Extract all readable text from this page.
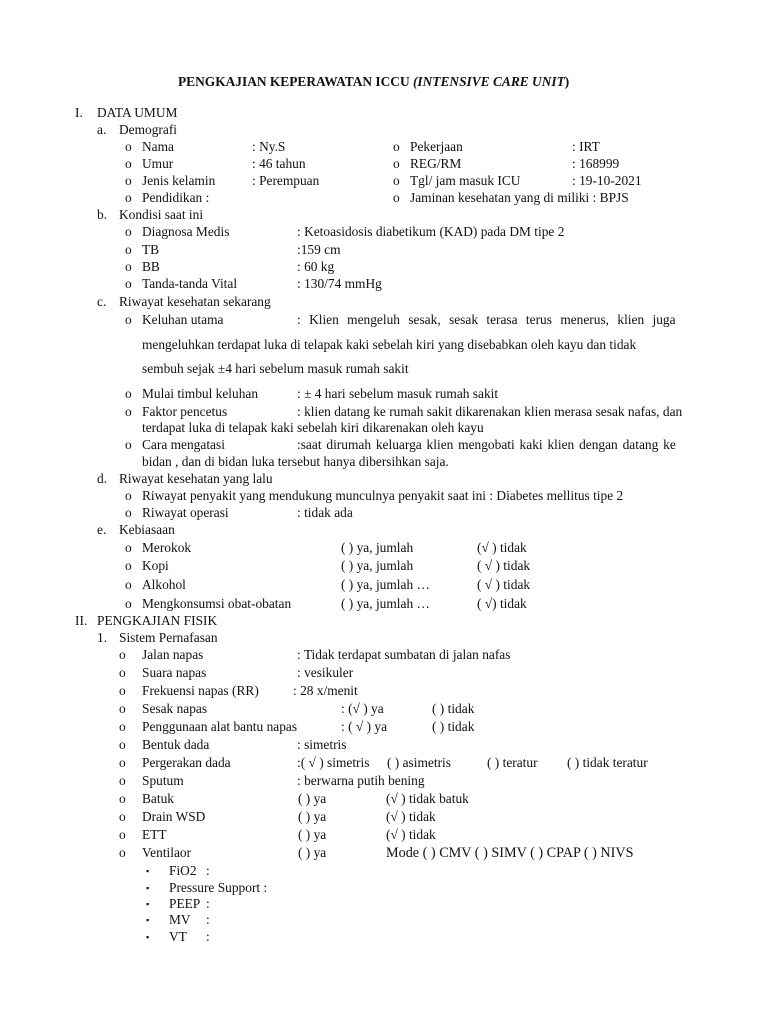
PENGKAJIAN KEPERAWATAN ICCU (INTENSIVE CARE UNIT)
I. DATA UMUM
a. Demografi
o Nama	: Ny.S	o Pekerjaan	: IRT
o Umur	: 46 tahun	o REG/RM	: 168999
o Jenis kelamin	: Perempuan	o Tgl/ jam masuk ICU	: 19-10-2021
o Pendidikan :	o Jaminan kesehatan yang di miliki : BPJS
b. Kondisi saat ini
o Diagnosa Medis	: Ketoasidosis diabetikum (KAD) pada DM tipe 2
o TB	:159 cm
o BB	: 60 kg
o Tanda-tanda Vital	: 130/74 mmHg
c. Riwayat kesehatan sekarang
o Keluhan utama	: Klien mengeluh sesak, sesak terasa terus menerus, klien juga
mengeluhkan terdapat luka di telapak kaki sebelah kiri yang disebabkan oleh kayu dan tidak
sembuh sejak ±4 hari sebelum masuk rumah sakit
o Mulai timbul keluhan	: ± 4 hari sebelum masuk rumah sakit
o Faktor pencetus	: klien datang ke rumah sakit dikarenakan klien merasa sesak nafas, dan
terdapat luka di telapak kaki sebelah kiri dikarenakan oleh kayu
o Cara mengatasi	:saat dirumah keluarga klien mengobati kaki klien dengan datang ke
bidan , dan di bidan luka tersebut hanya dibersihkan saja.
d. Riwayat kesehatan yang lalu
o Riwayat penyakit yang mendukung munculnya penyakit saat ini : Diabetes mellitus tipe 2
o Riwayat operasi	: tidak ada
e. Kebiasaan
o Merokok	( ) ya, jumlah	(√ ) tidak
o Kopi	( ) ya, jumlah	( √ ) tidak
o Alkohol	( ) ya, jumlah …	( √ ) tidak
o Mengkonsumsi obat-obatan	( ) ya, jumlah …	( √) tidak
II. PENGKAJIAN FISIK
1. Sistem Pernafasan
o Jalan napas	: Tidak terdapat sumbatan di jalan nafas
o Suara napas	: vesikuler
o Frekuensi napas (RR)	: 28 x/menit
o Sesak napas	: (√ ) ya	( ) tidak
o Penggunaan alat bantu napas	: ( √ ) ya	( ) tidak
o Bentuk dada	: simetris
o Pergerakan dada	:( √ ) simetris ( ) asimetris	( ) teratur ( ) tidak teratur
o Sputum	: berwarna putih bening
o Batuk	( ) ya	(√ ) tidak batuk
o Drain WSD	( ) ya	(√ ) tidak
o ETT	( ) ya	(√ ) tidak
o Ventilaor	( ) ya	Mode ( ) CMV ( ) SIMV ( ) CPAP ( ) NIVS
▪ FiO2 :
▪ Pressure Support :
▪ PEEP :
▪ MV :
▪ VT :
